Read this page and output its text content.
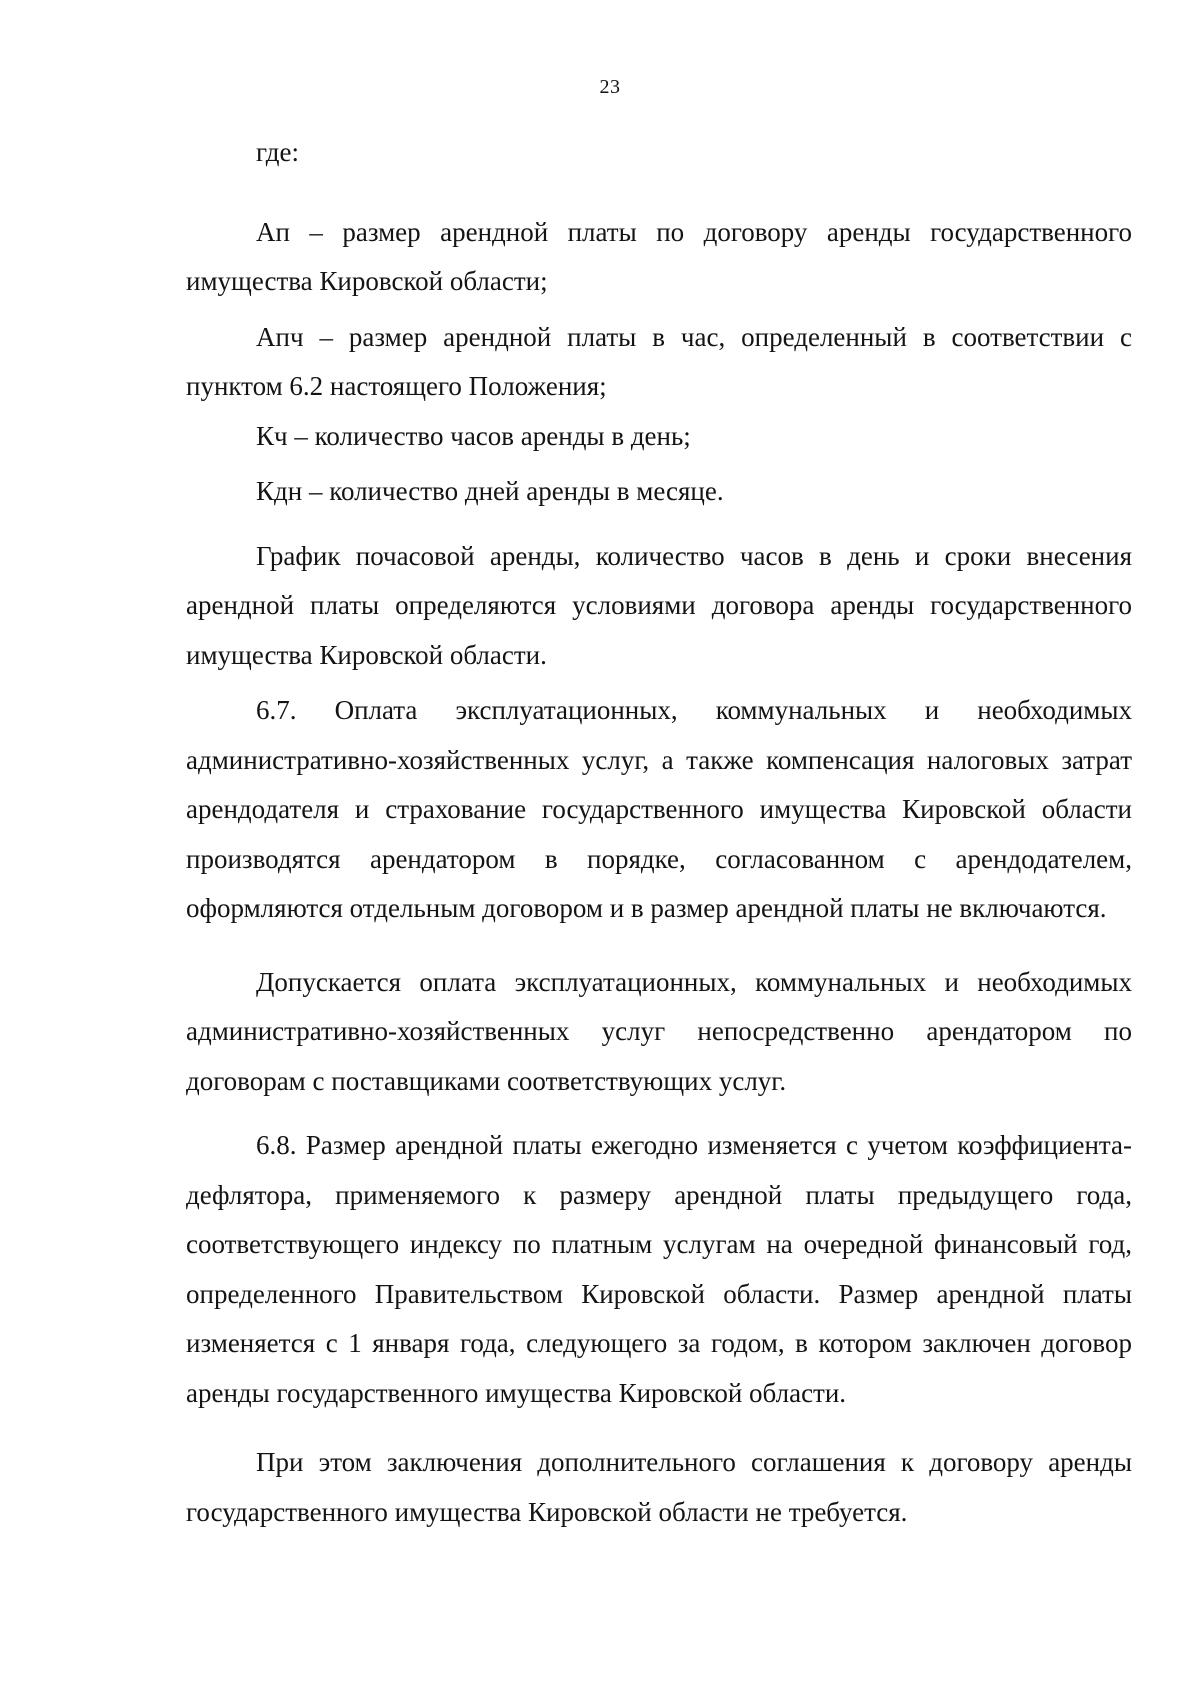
23

где:

Ап – размер арендной платы по договору аренды государственного имущества Кировской области;

Апч – размер арендной платы в час, определенный в соответствии с пунктом 6.2 настоящего Положения;

Кч – количество часов аренды в день;

Кдн – количество дней аренды в месяце.

График почасовой аренды, количество часов в день и сроки внесения арендной платы определяются условиями договора аренды государственного имущества Кировской области.

6.7. Оплата эксплуатационных, коммунальных и необходимых административно-хозяйственных услуг, а также компенсация налоговых затрат арендодателя и страхование государственного имущества Кировской области производятся арендатором в порядке, согласованном с арендодателем, оформляются отдельным договором и в размер арендной платы не включаются.

Допускается оплата эксплуатационных, коммунальных и необходимых административно-хозяйственных услуг непосредственно арендатором по договорам с поставщиками соответствующих услуг.

6.8. Размер арендной платы ежегодно изменяется с учетом коэффициента-дефлятора, применяемого к размеру арендной платы предыдущего года, соответствующего индексу по платным услугам на очередной финансовый год, определенного Правительством Кировской области. Размер арендной платы изменяется с 1 января года, следующего за годом, в котором заключен договор аренды государственного имущества Кировской области.

При этом заключения дополнительного соглашения к договору аренды государственного имущества Кировской области не требуется.
